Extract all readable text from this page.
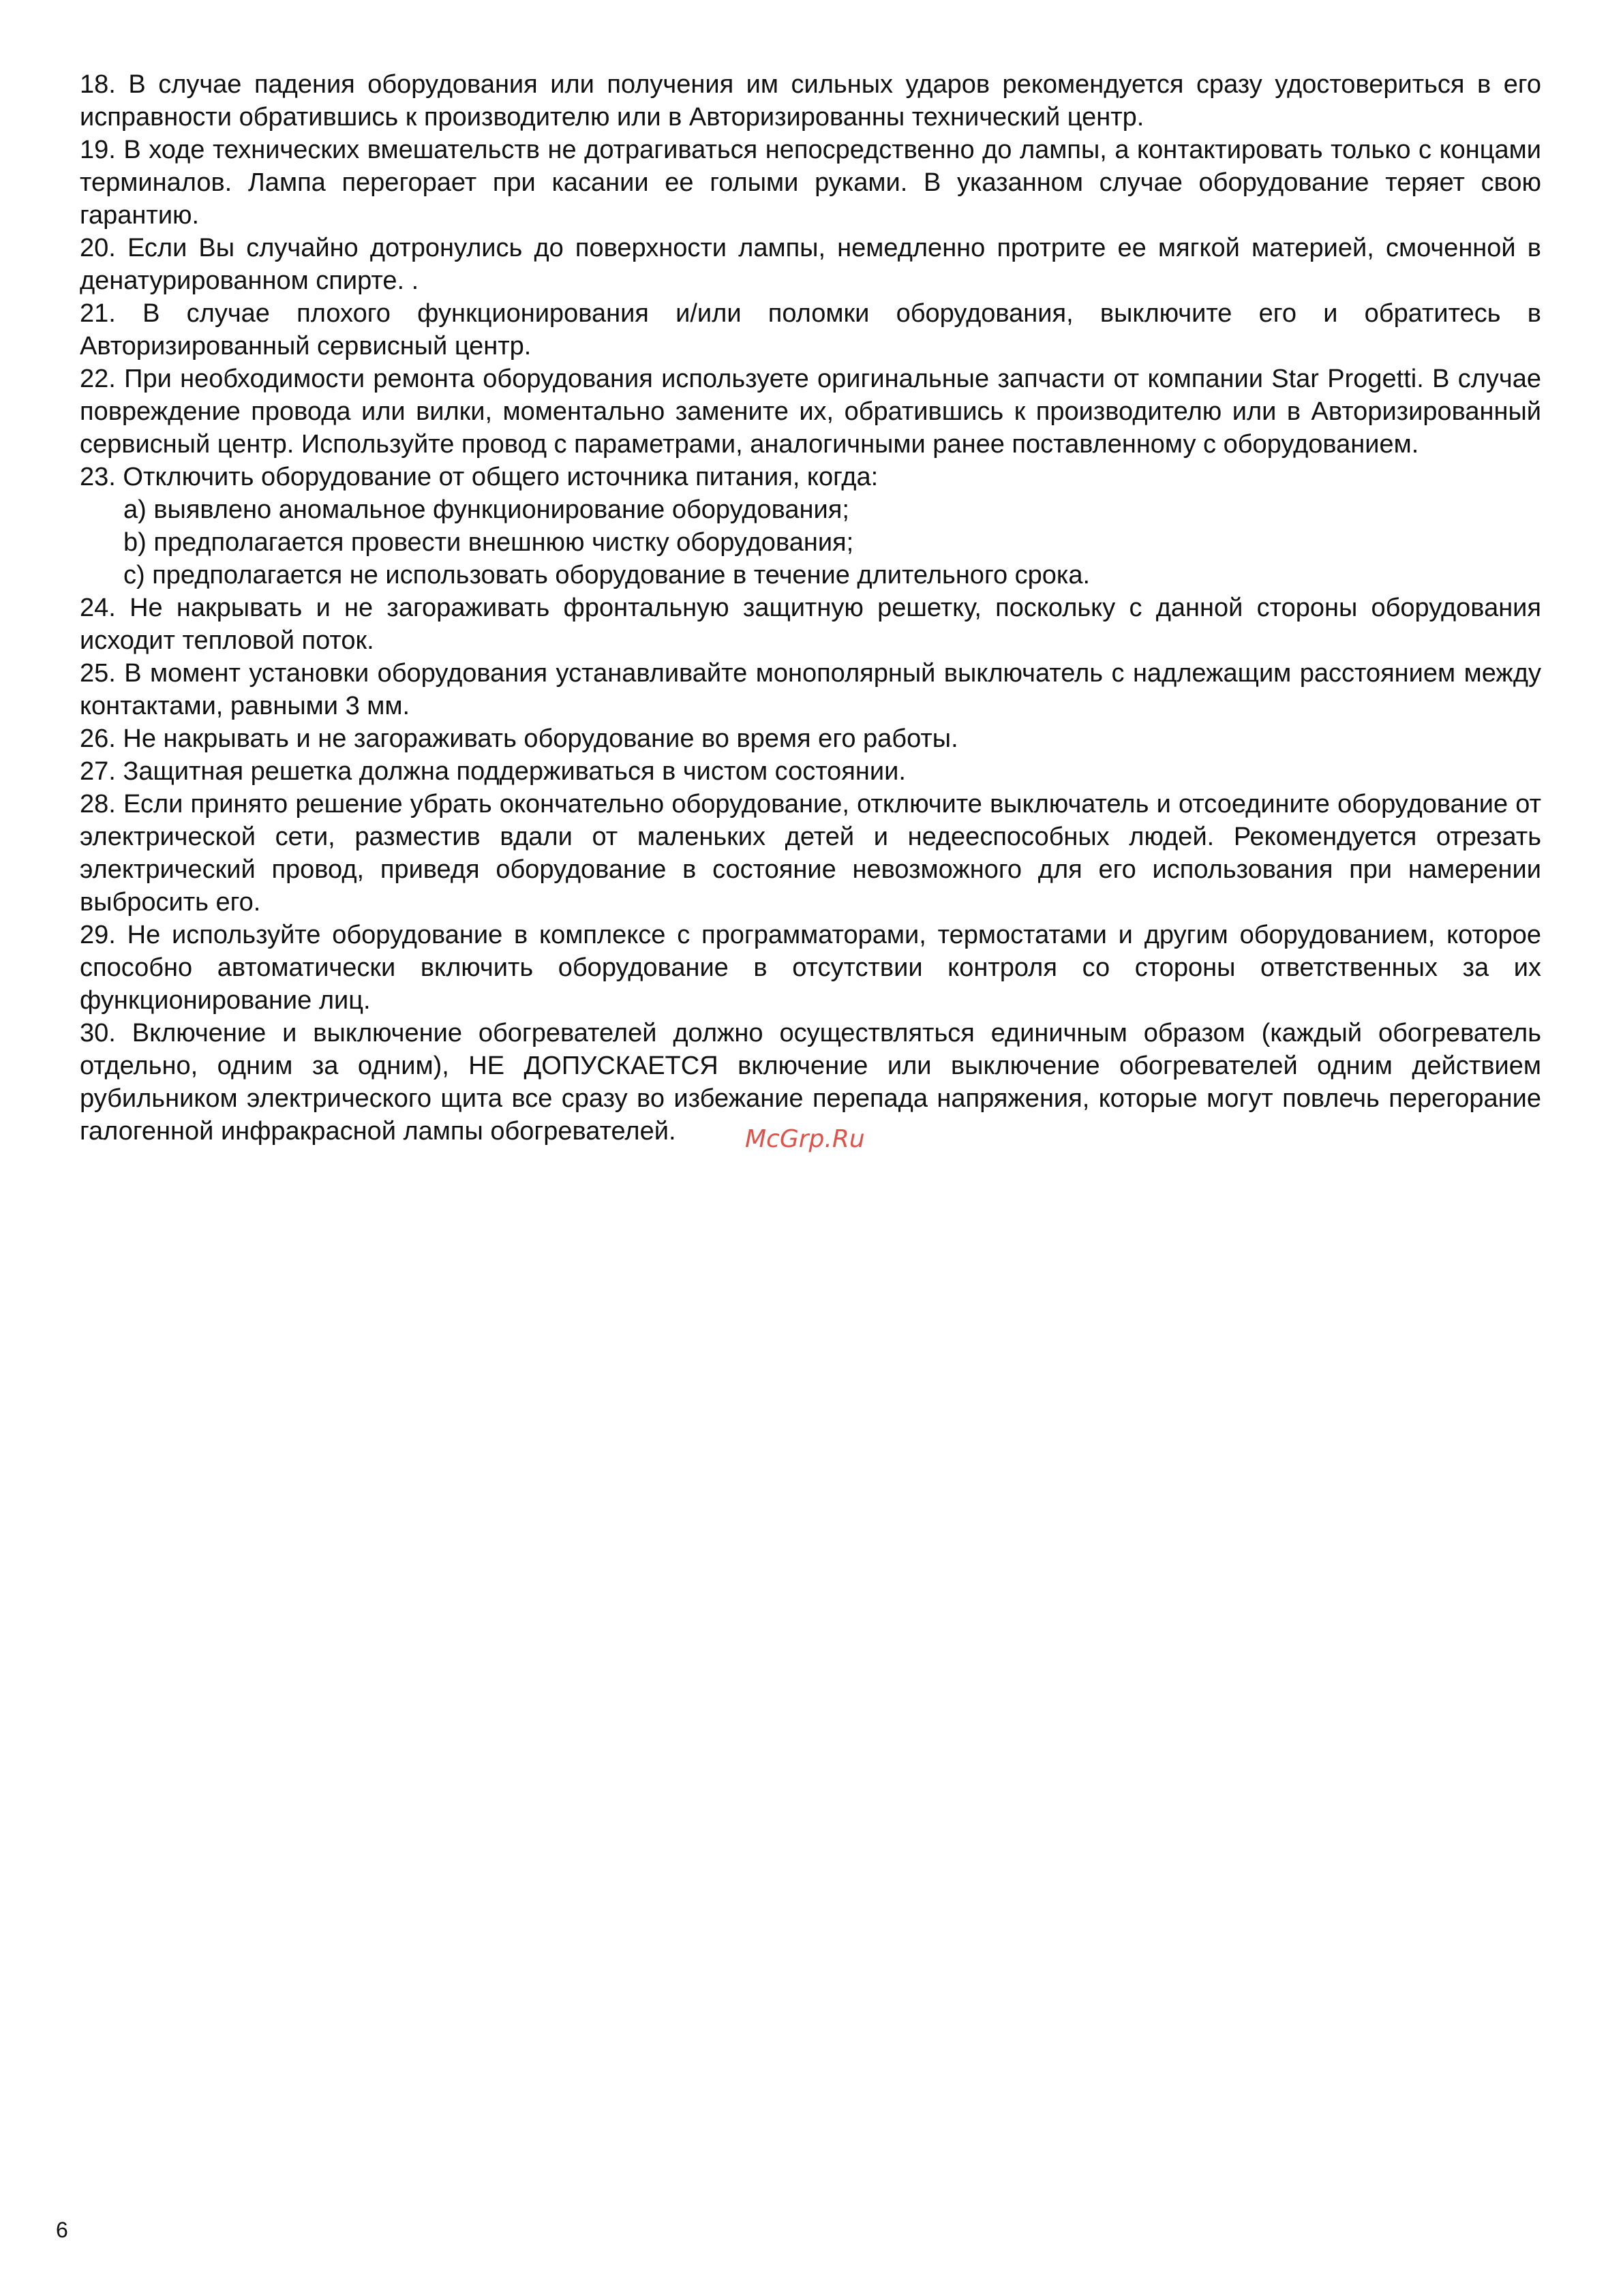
18. В случае падения оборудования или получения им сильных ударов рекомендуется сразу удостовериться в его исправности обратившись к производителю или в Авторизированны технический центр.

19. В ходе технических вмешательств не дотрагиваться непосредственно до лампы, а контактировать только с концами терминалов. Лампа перегорает при касании ее голыми руками. В указанном случае оборудование теряет свою гарантию.

20. Если Вы случайно дотронулись до поверхности лампы, немедленно протрите ее мягкой материей, смоченной в денатурированном спирте. .

21. В случае плохого функционирования и/или поломки оборудования, выключите его и обратитесь в Авторизированный сервисный центр.

22. При необходимости ремонта оборудования используете оригинальные запчасти от компании Star Progetti. В случае повреждение провода или вилки, моментально замените их, обратившись к производителю или в Авторизированный сервисный центр. Используйте провод с параметрами, аналогичными ранее поставленному с оборудованием.

23. Отключить оборудование от общего источника питания, когда:

a) выявлено аномальное функционирование оборудования;
b) предполагается провести внешнюю чистку оборудования;
c) предполагается не использовать оборудование в течение длительного срока.

24. Не накрывать и не загораживать фронтальную защитную решетку, поскольку с данной стороны оборудования исходит тепловой поток.

25. В момент установки оборудования устанавливайте монополярный выключатель с надлежащим расстоянием между контактами, равными 3 мм.

26. Не накрывать и не загораживать оборудование во время его работы.

27. Защитная решетка должна поддерживаться в чистом состоянии.

28. Если принято решение убрать окончательно оборудование, отключите выключатель и отсоедините оборудование от электрической сети, разместив вдали от маленьких детей и недееспособных людей. Рекомендуется отрезать электрический провод, приведя оборудование в состояние невозможного для его использования при намерении выбросить его.

29. Не используйте оборудование в комплексе с программаторами, термостатами и другим оборудованием, которое способно автоматически включить оборудование в отсутствии контроля со стороны ответственных за их функционирование лиц.

30. Включение и выключение обогревателей должно осуществляться единичным образом (каждый обогреватель отдельно, одним за одним), НЕ ДОПУСКАЕТСЯ включение или выключение обогревателей одним действием рубильником электрического щита все сразу во избежание перепада напряжения, которые могут повлечь перегорание галогенной инфракрасной лампы обогревателей.	McGrp.Ru
6
